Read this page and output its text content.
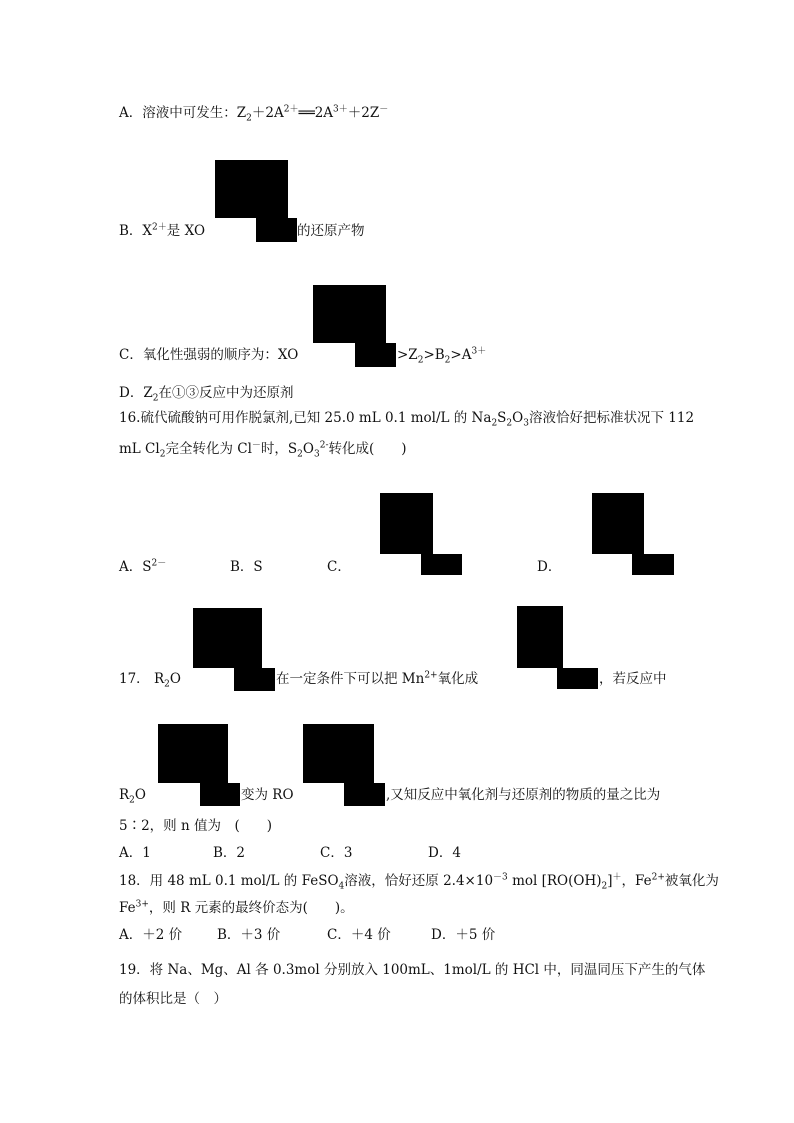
A．溶液中可发生：$Z_2+2A^{2+}══2A^{3+}+2Z^-$
B．$X^{2+}$是 XO	的还原产物
C．氧化性强弱的顺序为：XO	$>Z_2>B_2>A^{3+}$
D．$Z_2$在①③反应中为还原剂
16.硫代硫酸钠可用作脱氯剂,已知 25.0 mL 0.1 mol/L 的 $Na_2S_2O_3$溶液恰好把标准状况下 112
mL $Cl_2$完全转化为 Cl－时，$S_2O_3^{2-}$转化成(　　)
A．$S^{2-}$	B．S	C．	D．
17． $R_2O$	在一定条件下可以把 $Mn^{2+}$氧化成	，若反应中
$R_2O$	变为 RO	,又知反应中氧化剂与还原剂的物质的量之比为
5∶2，则 n 值为　(　　)
A．1	B．2	C．3	D．4
18．用 48 mL 0.1 mol/L 的 FeSO$_4$溶液，恰好还原 $2.4\times 10^{-3}$ mol $[RO(OH)_2]^+$，$Fe^{2+}$被氧化为
$Fe^{3+}$，则 R 元素的最终价态为(　　)。
A．＋2 价	B．＋3 价	C．＋4 价	D．＋5 价
19．将 Na、Mg、Al 各 0.3mol 分别放入 100mL、1mol/L 的 HCl 中，同温同压下产生的气体
的体积比是（　）
